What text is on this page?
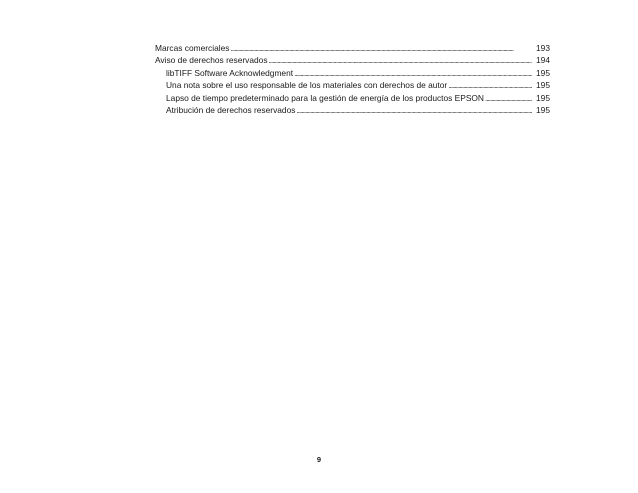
Marcas comerciales . . .	193
Aviso de derechos reservados . . .	194
libTIFF Software Acknowledgment . . .	195
Una nota sobre el uso responsable de los materiales con derechos de autor . . .	195
Lapso de tiempo predeterminado para la gestión de energía de los productos EPSON . . .	195
Atribución de derechos reservados . . .	195
9
